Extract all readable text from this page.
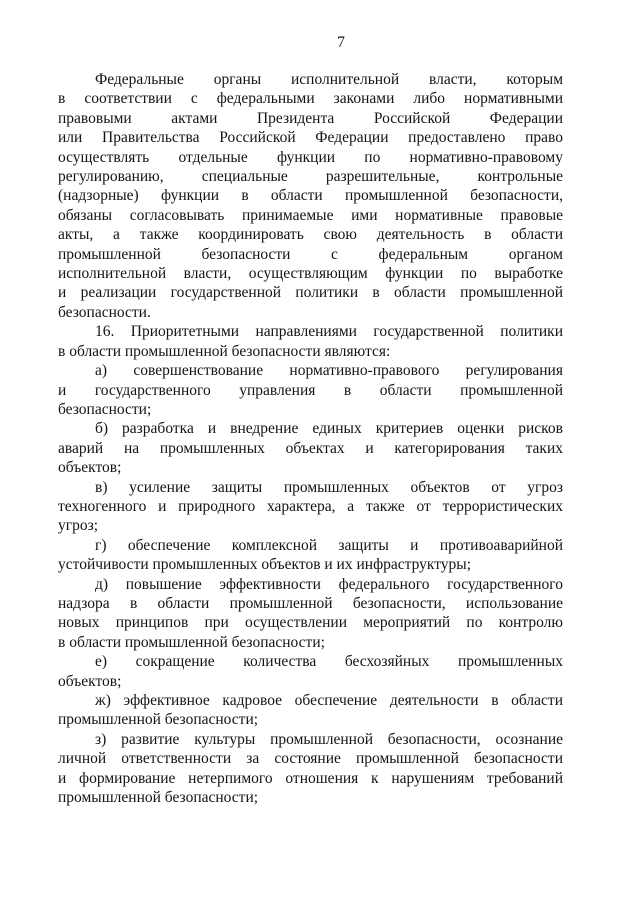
7
Федеральные органы исполнительной власти, которым
в соответствии с федеральными законами либо нормативными
правовыми актами Президента Российской Федерации
или Правительства Российской Федерации предоставлено право
осуществлять отдельные функции по нормативно-правовому
регулированию, специальные разрешительные, контрольные
(надзорные) функции в области промышленной безопасности,
обязаны согласовывать принимаемые ими нормативные правовые
акты, а также координировать свою деятельность в области
промышленной безопасности с федеральным органом
исполнительной власти, осуществляющим функции по выработке
и реализации государственной политики в области промышленной
безопасности.
16. Приоритетными направлениями государственной политики
в области промышленной безопасности являются:
а) совершенствование нормативно-правового регулирования
и государственного управления в области промышленной
безопасности;
б) разработка и внедрение единых критериев оценки рисков
аварий на промышленных объектах и категорирования таких
объектов;
в) усиление защиты промышленных объектов от угроз
техногенного и природного характера, а также от террористических
угроз;
г) обеспечение комплексной защиты и противоаварийной
устойчивости промышленных объектов и их инфраструктуры;
д) повышение эффективности федерального государственного
надзора в области промышленной безопасности, использование
новых принципов при осуществлении мероприятий по контролю
в области промышленной безопасности;
е) сокращение количества бесхозяйных промышленных
объектов;
ж) эффективное кадровое обеспечение деятельности в области
промышленной безопасности;
з) развитие культуры промышленной безопасности, осознание
личной ответственности за состояние промышленной безопасности
и формирование нетерпимого отношения к нарушениям требований
промышленной безопасности;
